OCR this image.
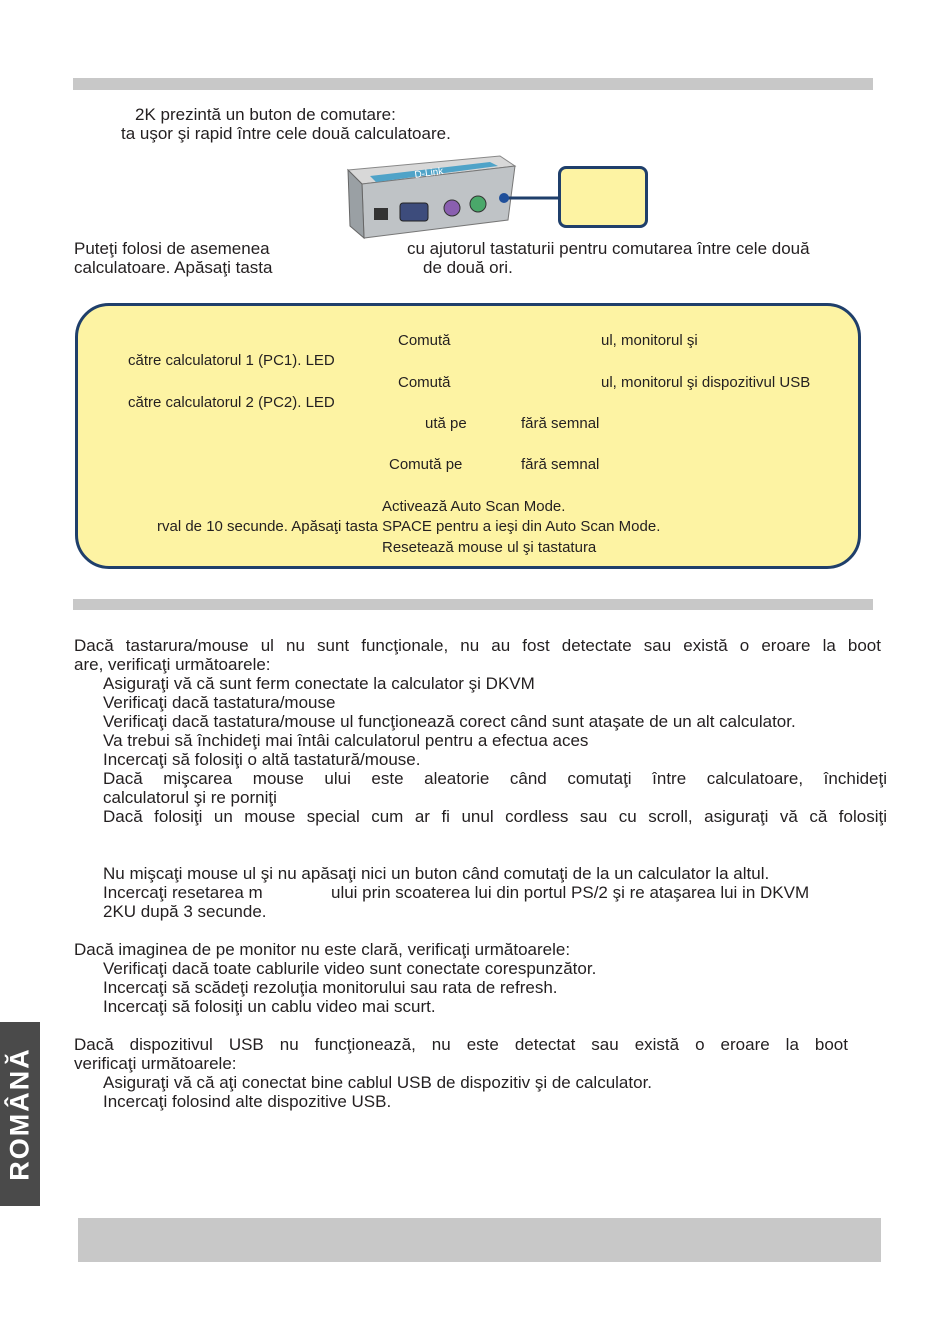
2K prezintă un buton de comutare:
ta uşor şi rapid între cele două calculatoare.
D-Link
Puteţi folosi de asemenea	cu ajutorul tastaturii pentru comutarea între cele două
calculatoare. Apăsaţi tasta	de două ori.
Comută	ul, monitorul şi
către calculatorul 1 (PC1). LED
Comută	ul, monitorul şi dispozitivul USB
către calculatorul 2 (PC2). LED
ută pe	fără semnal
Comută pe	fără semnal
Activează Auto Scan Mode.
rval de 10 secunde. Apăsaţi tasta SPACE pentru a ieşi din Auto Scan Mode.
Resetează mouse ul şi tastatura
Dacă tastarura/mouse ul nu sunt funcţionale, nu au fost detectate sau există o eroare la boot
are, verificaţi următoarele:
Asiguraţi vă că sunt ferm conectate la calculator şi DKVM
Verificaţi dacă tastatura/mouse
Verificaţi dacă tastatura/mouse ul funcţionează corect când sunt ataşate de un alt calculator.
Va trebui să închideţi mai întâi calculatorul pentru a efectua aces
Incercaţi să folosiţi o altă tastatură/mouse.
Dacă mişcarea mouse ului este aleatorie când comutaţi între calculatoare, închideţi
calculatorul şi re porniţi
Dacă folosiţi un mouse special cum ar fi unul cordless sau cu scroll, asiguraţi vă că folosiţi
Nu mişcaţi mouse ul şi nu apăsaţi nici un buton când comutaţi de la un calculator la altul.
Incercaţi resetarea m	ului prin scoaterea lui din portul PS/2 şi re ataşarea lui in DKVM
2KU după 3 secunde.
Dacă imaginea de pe monitor nu este clară, verificaţi următoarele:
Verificaţi dacă toate cablurile video sunt conectate corespunzător.
Incercaţi să scădeţi rezoluţia monitorului sau rata de refresh.
Incercaţi să folosiţi un cablu video mai scurt.
Dacă dispozitivul USB nu funcţionează, nu este detectat sau există o eroare la boot
verificaţi următoarele:
Asiguraţi vă că aţi conectat bine cablul USB de dispozitiv şi de calculator.
Incercaţi folosind alte dispozitive USB.
ROMÂNĂ
